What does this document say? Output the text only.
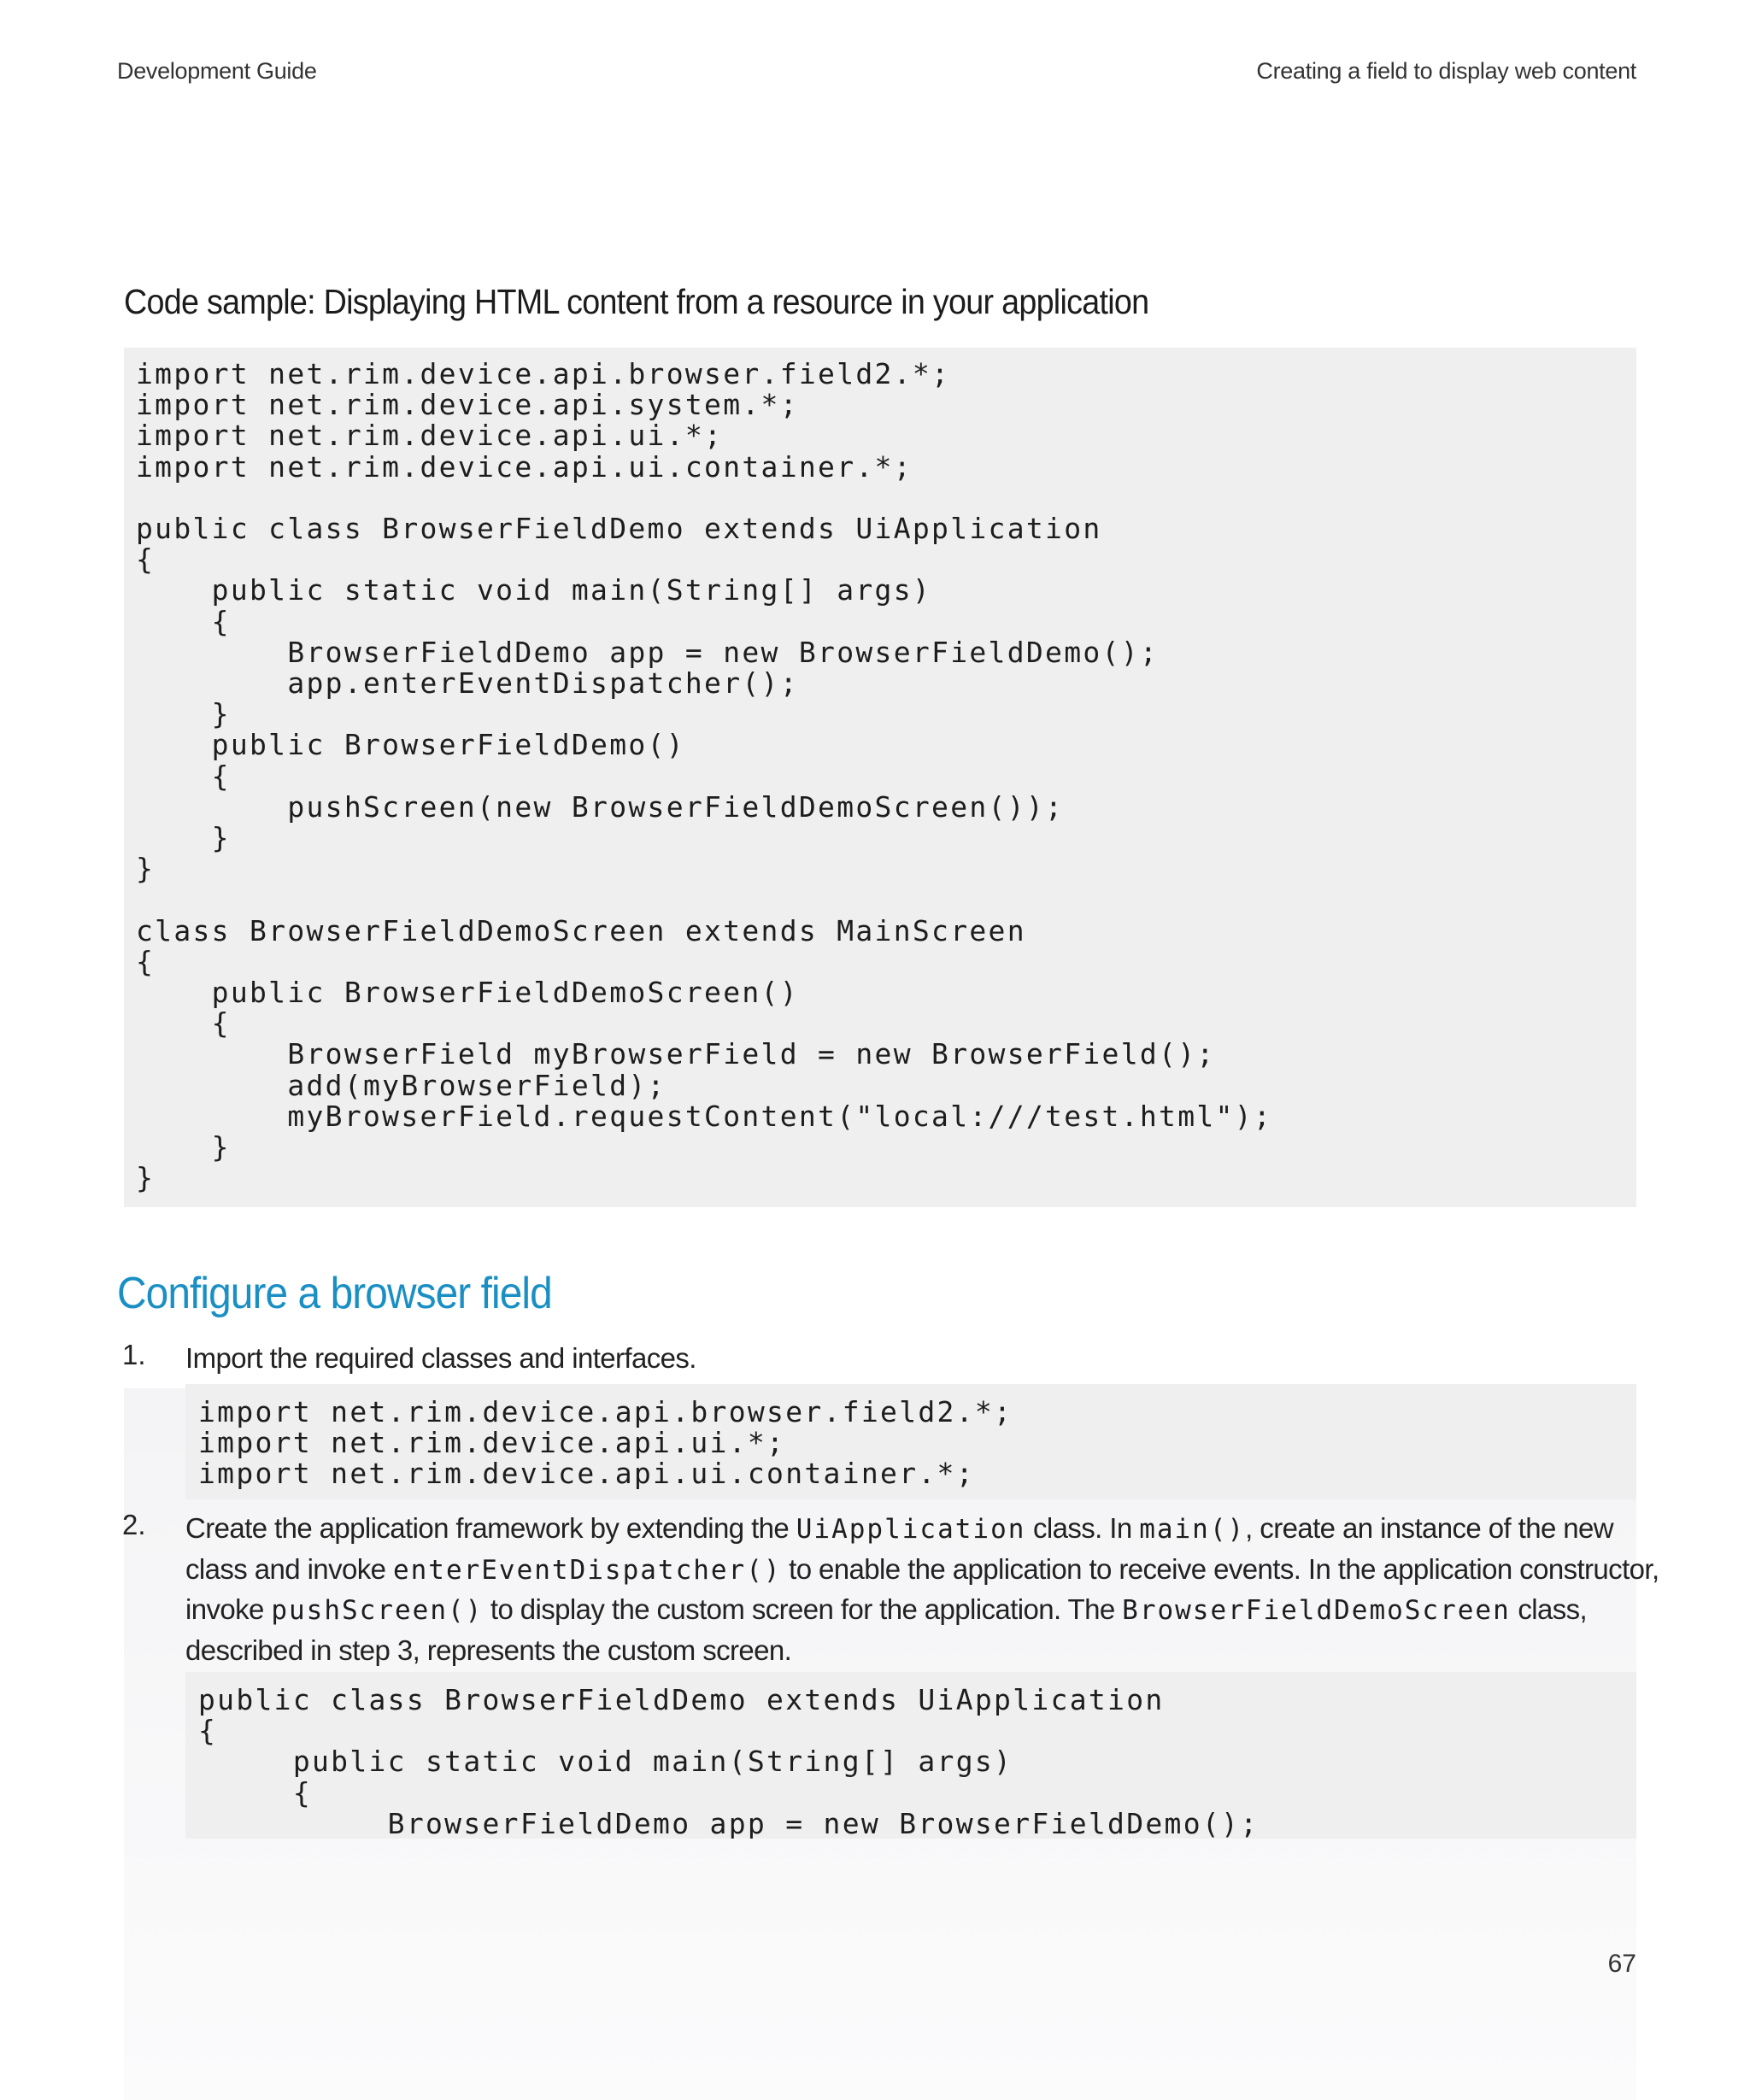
Development Guide	Creating a field to display web content
Code sample: Displaying HTML content from a resource in your application
import net.rim.device.api.browser.field2.*;
import net.rim.device.api.system.*;
import net.rim.device.api.ui.*;
import net.rim.device.api.ui.container.*;

public class BrowserFieldDemo extends UiApplication
{
public static void main(String[] args)
{
BrowserFieldDemo app = new BrowserFieldDemo();
app.enterEventDispatcher();
}
public BrowserFieldDemo()
{
pushScreen(new BrowserFieldDemoScreen());
}
}

class BrowserFieldDemoScreen extends MainScreen
{
public BrowserFieldDemoScreen()
{
BrowserField myBrowserField = new BrowserField();
add(myBrowserField);
myBrowserField.requestContent("local:///test.html");
}
}
Configure a browser field
1. Import the required classes and interfaces.
import net.rim.device.api.browser.field2.*;
import net.rim.device.api.ui.*;
import net.rim.device.api.ui.container.*;
2. Create the application framework by extending the UiApplication class. In main(), create an instance of the new
class and invoke enterEventDispatcher() to enable the application to receive events. In the application constructor,
invoke pushScreen() to display the custom screen for the application. The BrowserFieldDemoScreen class,
described in step 3, represents the custom screen.
public class BrowserFieldDemo extends UiApplication
{
public static void main(String[] args)
{
BrowserFieldDemo app = new BrowserFieldDemo();
67
